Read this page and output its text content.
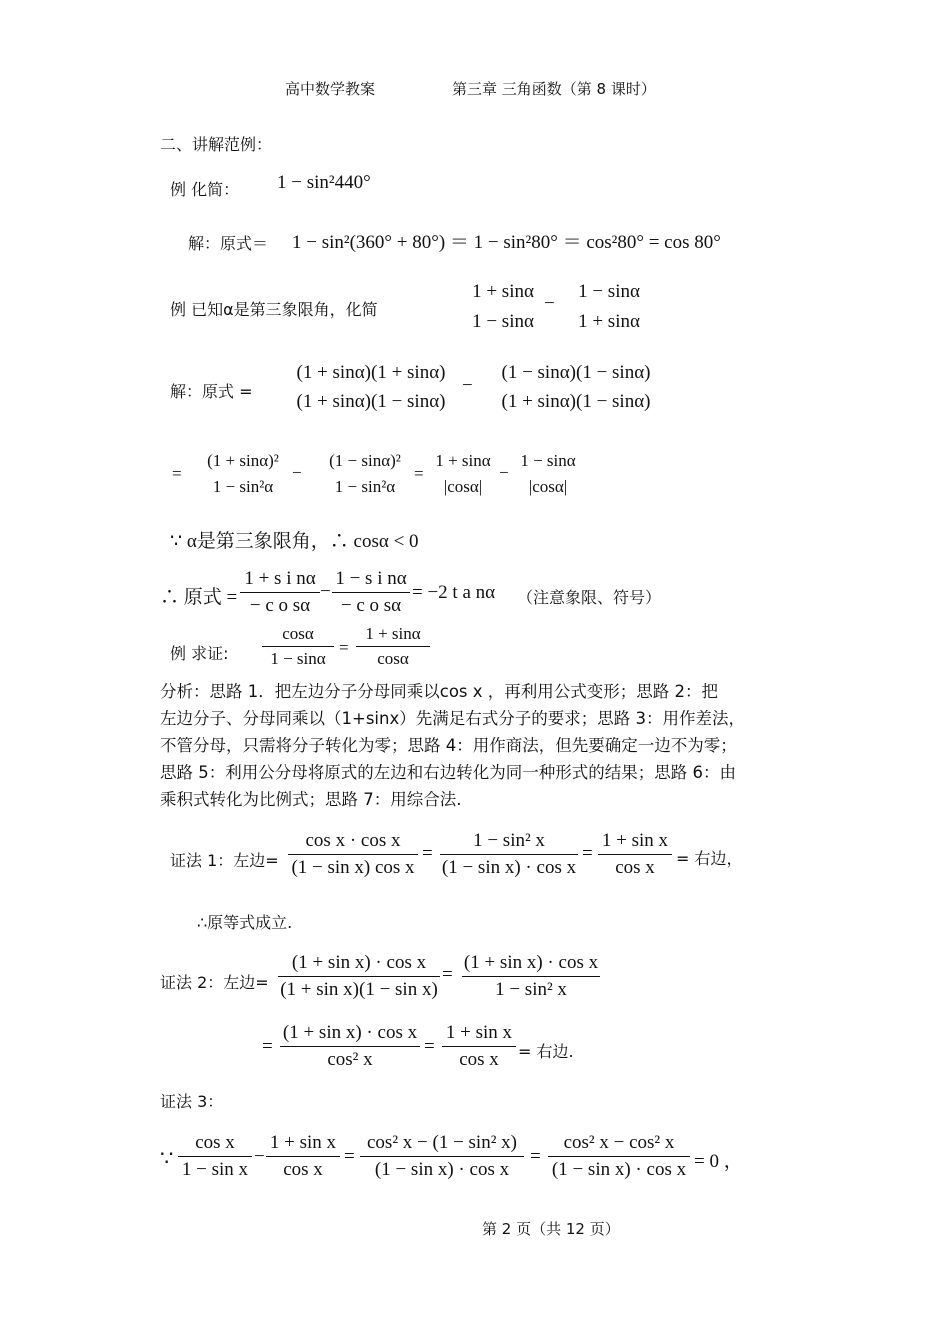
高中数学教案	第三章 三角函数（第 8 课时）
二、讲解范例：
例 化简： 1 − sin²440°
解：原式＝ 1 − sin²(360° + 80°) ＝ 1 − sin²80° ＝ cos²80° = cos 80°
例 已知α是第三象限角，化简
1 + sinα
1 − sinα
−
1 − sinα
1 + sinα
解：原式 =
(1 + sinα)(1 + sinα)
(1 + sinα)(1 − sinα)
−
(1 − sinα)(1 − sinα)
(1 + sinα)(1 − sinα)
=
(1 + sinα)²
1 − sin²α
−
(1 − sinα)²
1 − sin²α
=
1 + sinα
|cosα|
−
1 − sinα
|cosα|
∵ α是第三象限角，∴ cosα < 0
∴ 原式 =
1 + s i nα
− c o sα
−
1 − s i nα
− c o sα
= −2 t a nα （注意象限、符号）
例 求证:
cosα
1 − sinα
=
1 + sinα
cosα

分析：思路 1．把左边分子分母同乘以cos x ，再利用公式变形；思路 2：把

左边分子、分母同乘以（1+sinx）先满足右式分子的要求；思路 3：用作差法，

不管分母，只需将分子转化为零；思路 4：用作商法，但先要确定一边不为零；

思路 5：利用公分母将原式的左边和右边转化为同一种形式的结果；思路 6：由

乘积式转化为比例式；思路 7：用综合法.

证法 1：左边=
cos x · cos x
(1 − sin x) cos x
=
1 − sin² x
(1 − sin x) · cos x
=
1 + sin x
cos x	= 右边，
∴原等式成立.
证法 2：左边=
(1 + sin x) · cos x
(1 + sin x)(1 − sin x)
=
(1 + sin x) · cos x
1 − sin² x
=
(1 + sin x) · cos x
cos² x
=
1 + sin x
cos x	= 右边.
证法 3：
∵
cos x
1 − sin x
−
1 + sin x
cos x
=
cos² x − (1 − sin² x)
(1 − sin x) · cos x
=
cos² x − cos² x
(1 − sin x) · cos x = 0 ，
第 2 页（共 12 页）
